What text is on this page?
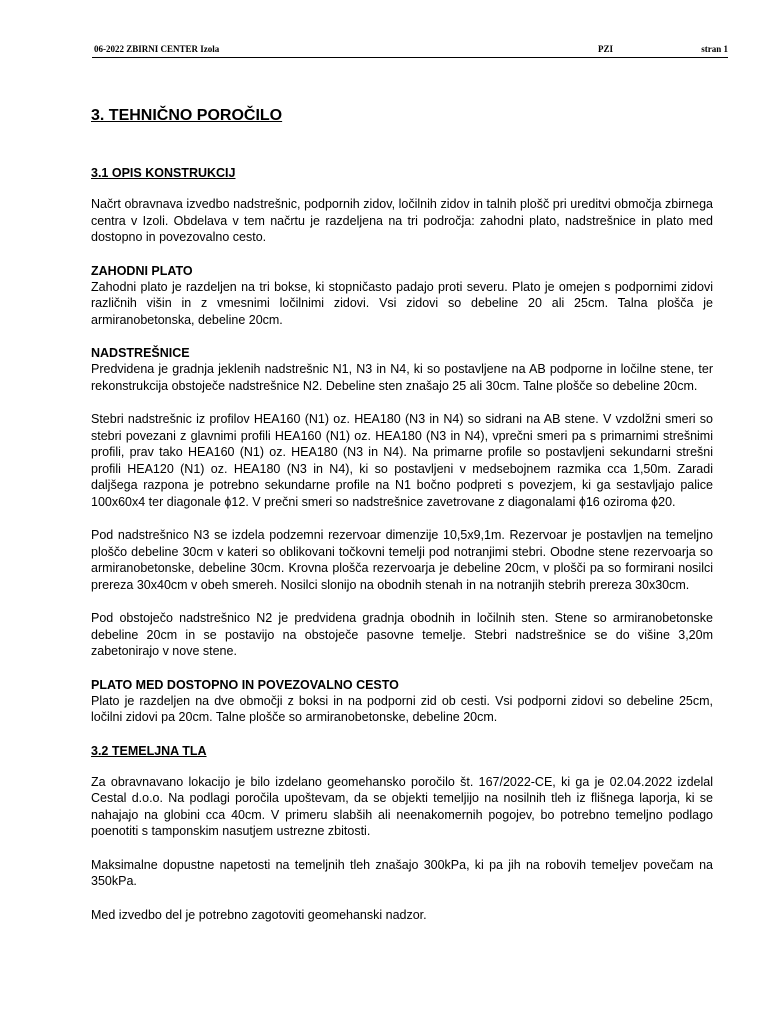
06-2022 ZBIRNI CENTER Izola	PZI	stran 1
3. TEHNIČNO POROČILO
3.1 OPIS KONSTRUKCIJ

Načrt obravnava izvedbo nadstrešnic, podpornih zidov, ločilnih zidov in talnih plošč pri ureditvi območja zbirnega centra v Izoli. Obdelava v tem načrtu je razdeljena na tri področja: zahodni plato, nadstrešnice in plato med dostopno in povezovalno cesto.

ZAHODNI PLATO

Zahodni plato je razdeljen na tri bokse, ki stopničasto padajo proti severu. Plato je omejen s podpornimi zidovi različnih višin in z vmesnimi ločilnimi zidovi. Vsi zidovi so debeline 20 ali 25cm. Talna plošča je armiranobetonska, debeline 20cm.

NADSTREŠNICE

Predvidena je gradnja jeklenih nadstrešnic N1, N3 in N4, ki so postavljene na AB podporne in ločilne stene, ter rekonstrukcija obstoječe nadstrešnice N2. Debeline sten znašajo 25 ali 30cm. Talne plošče so debeline 20cm.

Stebri nadstrešnic iz profilov HEA160 (N1) oz. HEA180 (N3 in N4) so sidrani na AB stene. V vzdolžni smeri so stebri povezani z glavnimi profili HEA160 (N1) oz. HEA180 (N3 in N4), vprečni smeri pa s primarnimi strešnimi profili, prav tako HEA160 (N1) oz. HEA180 (N3 in N4). Na primarne profile so postavljeni sekundarni strešni profili HEA120 (N1) oz. HEA180 (N3 in N4), ki so postavljeni v medsebojnem razmika cca 1,50m. Zaradi daljšega razpona je potrebno sekundarne profile na N1 bočno podpreti s povezjem, ki ga sestavljajo palice 100x60x4 ter diagonale ϕ12. V prečni smeri so nadstrešnice zavetrovane z diagonalami ϕ16 oziroma ϕ20.

Pod nadstrešnico N3 se izdela podzemni rezervoar dimenzije 10,5x9,1m. Rezervoar je postavljen na temeljno ploščo debeline 30cm v kateri so oblikovani točkovni temelji pod notranjimi stebri. Obodne stene rezervoarja so armiranobetonske, debeline 30cm. Krovna plošča rezervoarja je debeline 20cm, v plošči pa so formirani nosilci prereza 30x40cm v obeh smereh. Nosilci slonijo na obodnih stenah in na notranjih stebrih prereza 30x30cm.

Pod obstoječo nadstrešnico N2 je predvidena gradnja obodnih in ločilnih sten. Stene so armiranobetonske debeline 20cm in se postavijo na obstoječe pasovne temelje. Stebri nadstrešnice se do višine 3,20m zabetonirajo v nove stene.

PLATO MED DOSTOPNO IN POVEZOVALNO CESTO

Plato je razdeljen na dve območji z boksi in na podporni zid ob cesti. Vsi podporni zidovi so debeline 25cm, ločilni zidovi pa 20cm. Talne plošče so armiranobetonske, debeline 20cm.

3.2 TEMELJNA TLA

Za obravnavano lokacijo je bilo izdelano geomehansko poročilo št. 167/2022-CE, ki ga je 02.04.2022 izdelal Cestal d.o.o. Na podlagi poročila upoštevam, da se objekti temeljijo na nosilnih tleh iz flišnega laporja, ki se nahajajo na globini cca 40cm. V primeru slabših ali neenakomernih pogojev, bo potrebno temeljno podlago poenotiti s tamponskim nasutjem ustrezne zbitosti.

Maksimalne dopustne napetosti na temeljnih tleh znašajo 300kPa, ki pa jih na robovih temeljev povečam na 350kPa.

Med izvedbo del je potrebno zagotoviti geomehanski nadzor.
